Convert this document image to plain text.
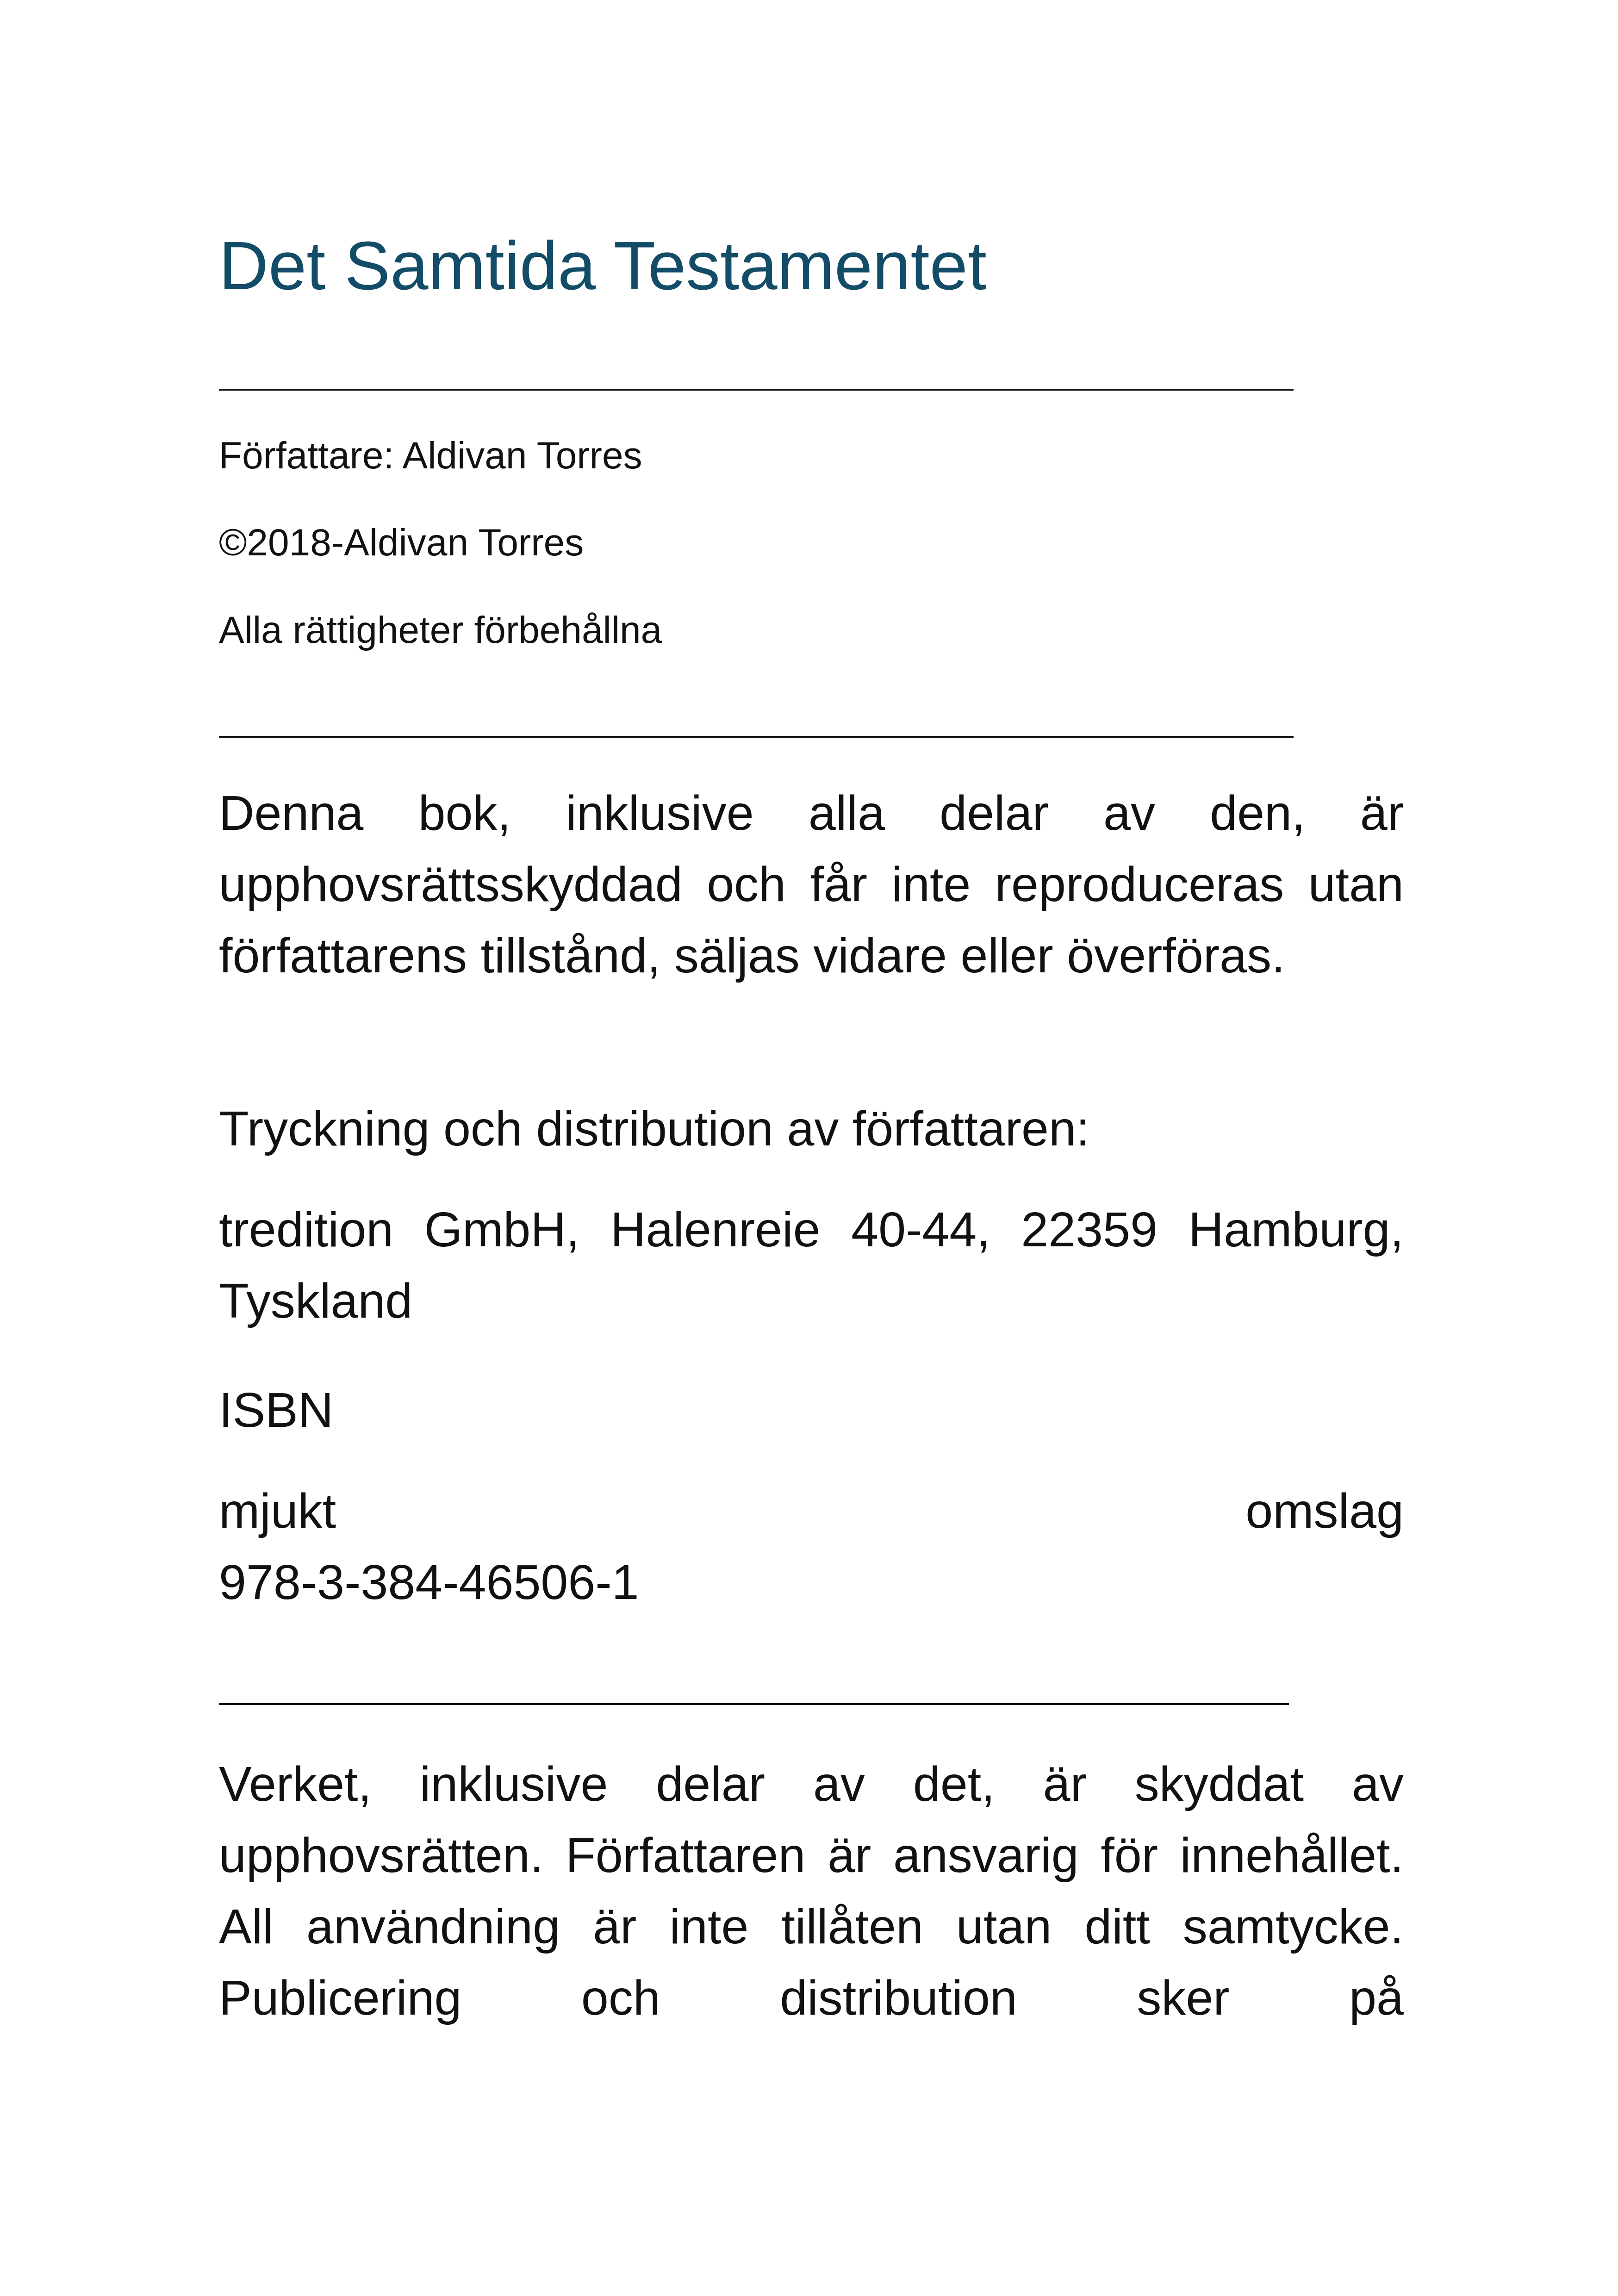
Det Samtida Testamentet
Författare: Aldivan Torres
©2018-Aldivan Torres
Alla rättigheter förbehållna

Denna bok, inklusive alla delar av den, är upphovsrättsskyddad och får inte reproduceras utan författarens tillstånd, säljas vidare eller överföras.

Tryckning och distribution av författaren:

tredition GmbH, Halenreie 40-44, 22359 Hamburg, Tyskland

ISBN

mjukt	omslag
978-3-384-46506-1

Verket, inklusive delar av det, är skyddat av upphovsrätten. Författaren är ansvarig för innehållet. All användning är inte tillåten utan ditt samtycke. Publicering och distribution sker på
